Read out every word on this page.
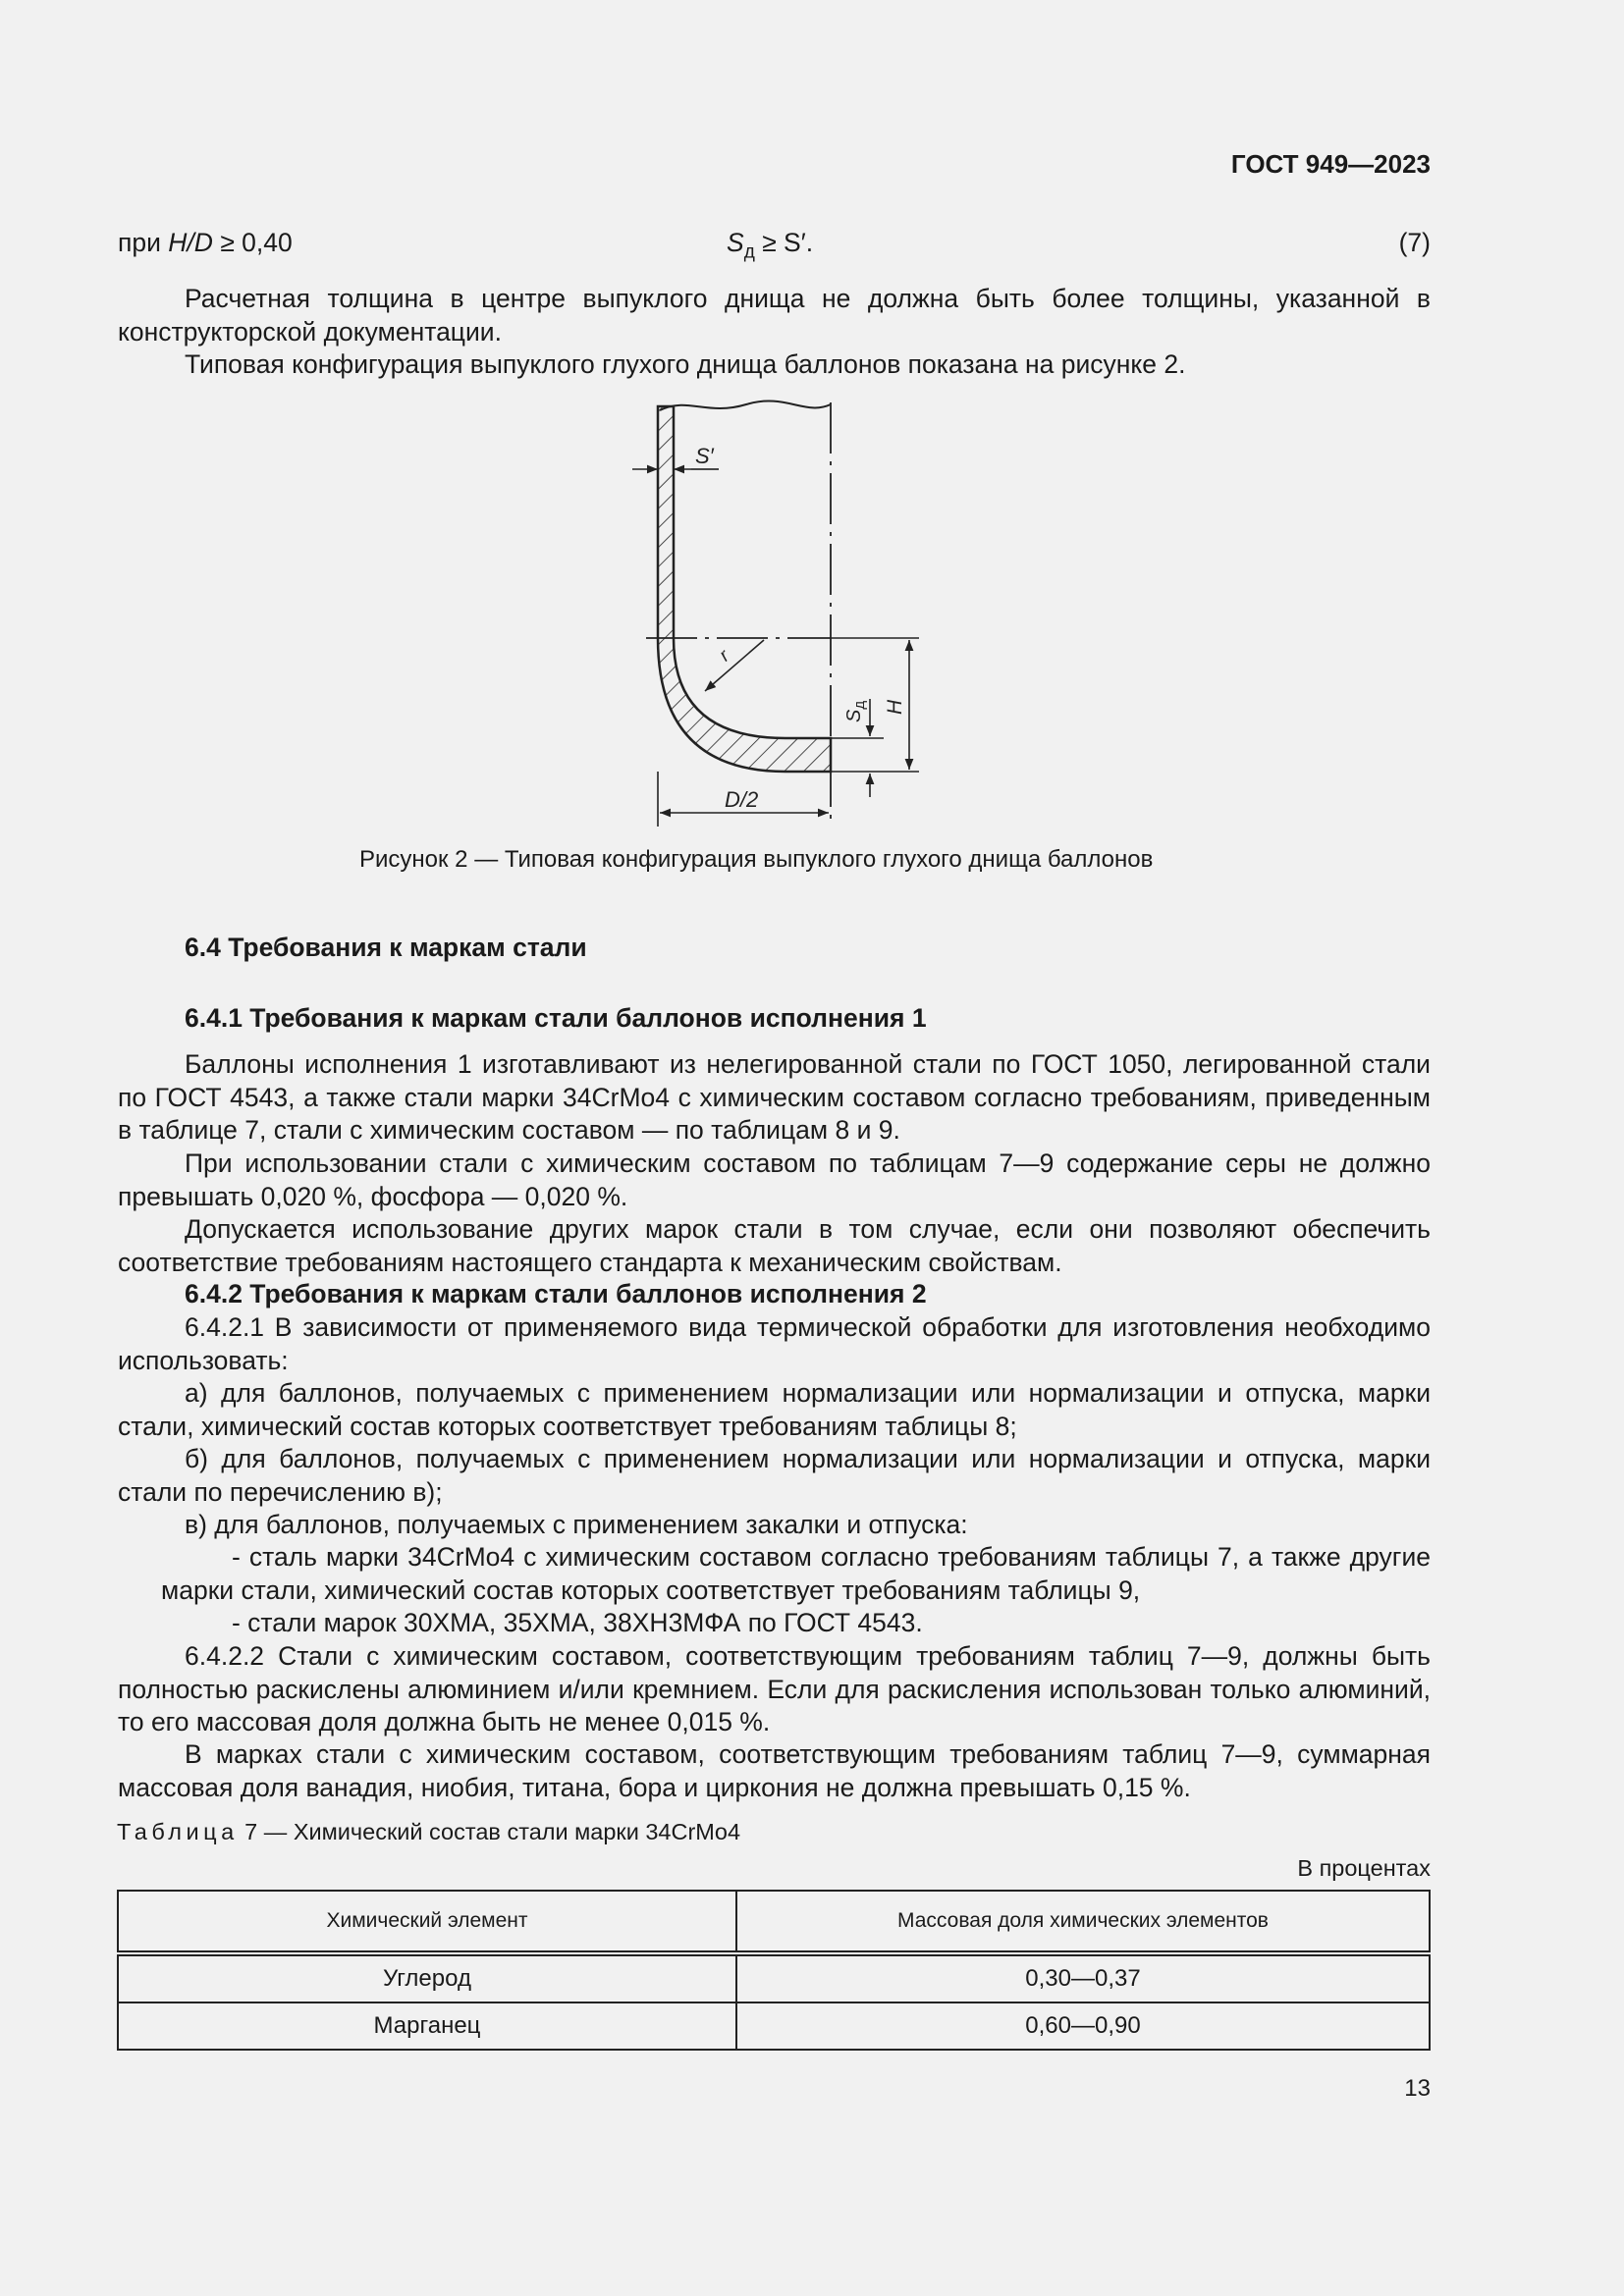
ГОСТ 949—2023
при H/D ≥ 0,40	$S_д \ge S'$.	(7)

Расчетная толщина в центре выпуклого днища не должна быть более толщины, указанной в конструкторской документации.

Типовая конфигурация выпуклого глухого днища баллонов показана на рисунке 2.

S′
r
$S_д$ H
D/2
Рисунок 2 — Типовая конфигурация выпуклого глухого днища баллонов
6.4 Требования к маркам стали
6.4.1 Требования к маркам стали баллонов исполнения 1

Баллоны исполнения 1 изготавливают из нелегированной стали по ГОСТ 1050, легированной стали по ГОСТ 4543, а также стали марки 34CrMo4 с химическим составом согласно требованиям, приведенным в таблице 7, стали с химическим составом — по таблицам 8 и 9.

При использовании стали с химическим составом по таблицам 7—9 содержание серы не должно превышать 0,020 %, фосфора — 0,020 %.

Допускается использование других марок стали в том случае, если они позволяют обеспечить соответствие требованиям настоящего стандарта к механическим свойствам.

6.4.2 Требования к маркам стали баллонов исполнения 2

6.4.2.1 В зависимости от применяемого вида термической обработки для изготовления необходимо использовать:

а) для баллонов, получаемых с применением нормализации или нормализации и отпуска, марки стали, химический состав которых соответствует требованиям таблицы 8;

б) для баллонов, получаемых с применением нормализации или нормализации и отпуска, марки стали по перечислению в);

в) для баллонов, получаемых с применением закалки и отпуска:

- сталь марки 34CrMo4 с химическим составом согласно требованиям таблицы 7, а также другие марки стали, химический состав которых соответствует требованиям таблицы 9,

- стали марок 30ХМА, 35ХМА, 38ХН3МФА по ГОСТ 4543.

6.4.2.2 Стали с химическим составом, соответствующим требованиям таблиц 7—9, должны быть полностью раскислены алюминием и/или кремнием. Если для раскисления использован только алюминий, то его массовая доля должна быть не менее 0,015 %.

В марках стали с химическим составом, соответствующим требованиям таблиц 7—9, суммарная массовая доля ванадия, ниобия, титана, бора и циркония не должна превышать 0,15 %.

Таблица 7 — Химический состав стали марки 34CrMo4
В процентах
Химический элемент	Массовая доля химических элементов
Углерод	0,30—0,37
Марганец	0,60—0,90
13
